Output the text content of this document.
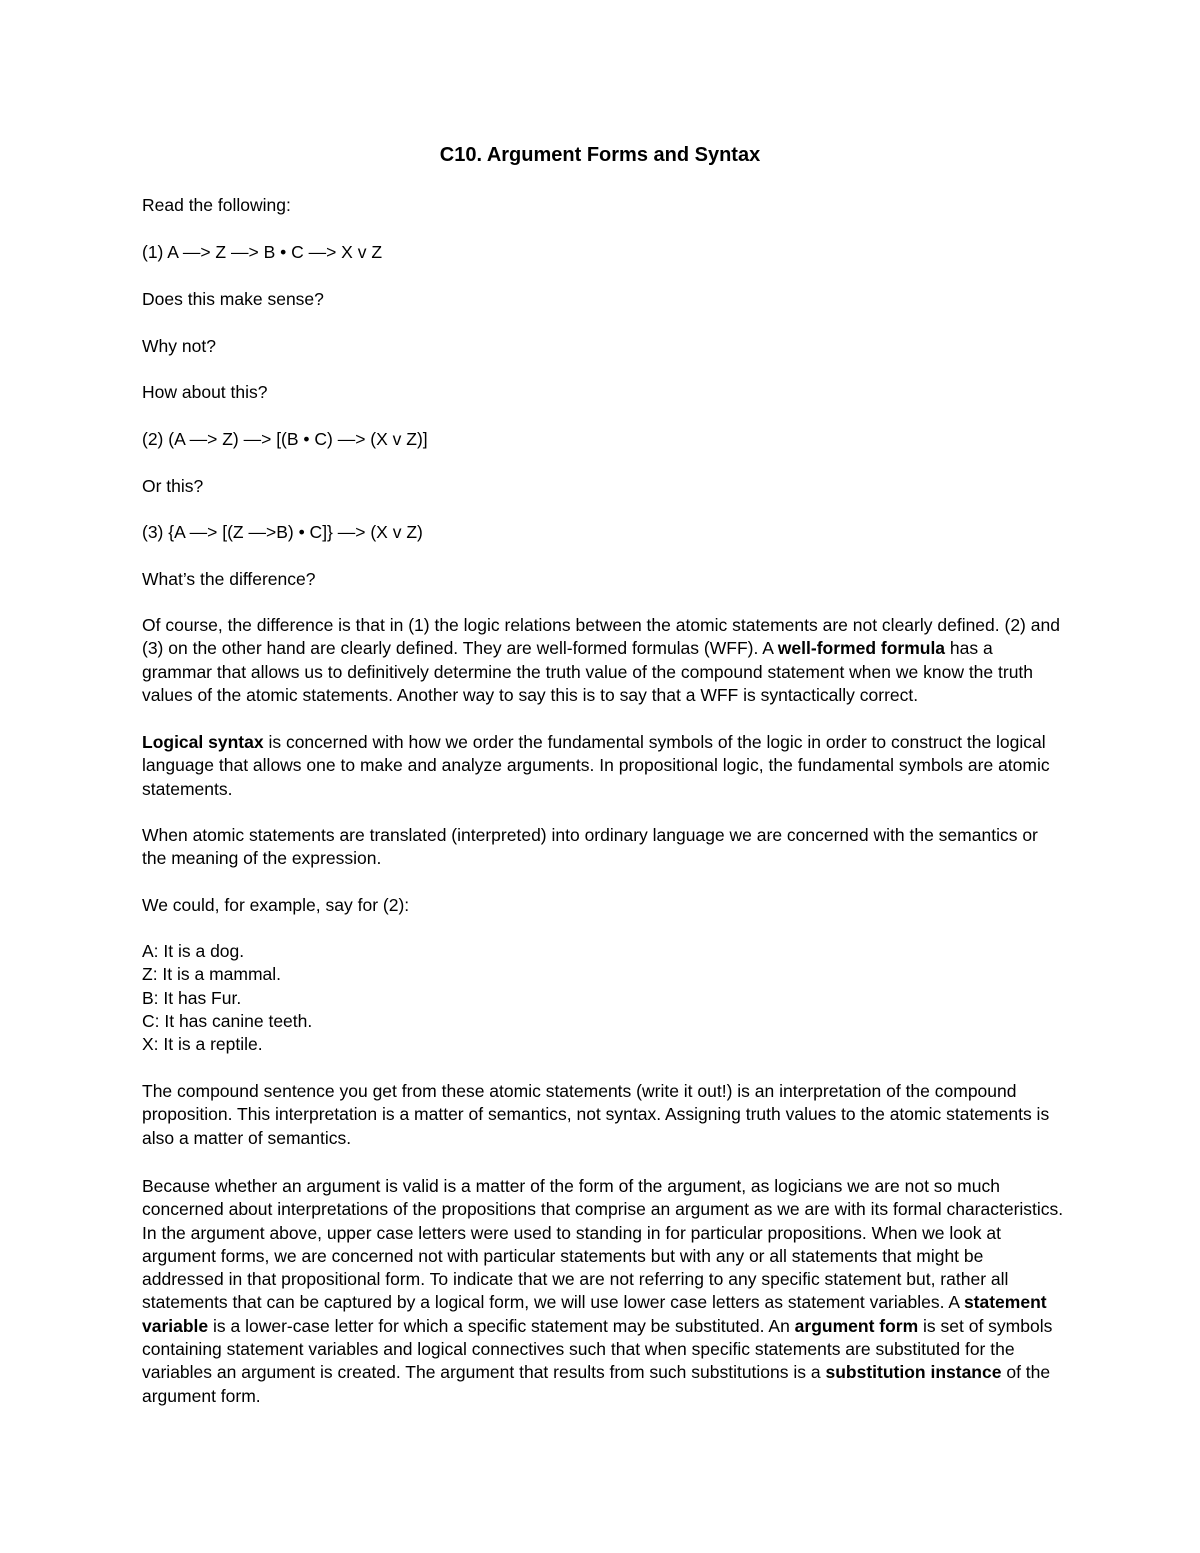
C10. Argument Forms and Syntax

Read the following:

(1) A —> Z —> B • C —> X v Z

Does this make sense?

Why not?

How about this?

(2) (A —> Z) —> [(B • C) —> (X v Z)]

Or this?

(3) {A —> [(Z —>B) • C]} —> (X v Z)

What’s the difference?

Of course, the difference is that in (1) the logic relations between the atomic statements are not clearly defined. (2) and (3) on the other hand are clearly defined. They are well-formed formulas (WFF). A well-formed formula has a grammar that allows us to definitively determine the truth value of the compound statement when we know the truth values of the atomic statements. Another way to say this is to say that a WFF is syntactically correct.

Logical syntax is concerned with how we order the fundamental symbols of the logic in order to construct the logical language that allows one to make and analyze arguments. In propositional logic, the fundamental symbols are atomic statements.

When atomic statements are translated (interpreted) into ordinary language we are concerned with the semantics or the meaning of the expression.

We could, for example, say for (2):

A: It is a dog.
Z: It is a mammal.
B: It has Fur.
C: It has canine teeth.
X: It is a reptile.

The compound sentence you get from these atomic statements (write it out!) is an interpretation of the compound proposition. This interpretation is a matter of semantics, not syntax. Assigning truth values to the atomic statements is also a matter of semantics.

Because whether an argument is valid is a matter of the form of the argument, as logicians we are not so much concerned about interpretations of the propositions that comprise an argument as we are with its formal characteristics. In the argument above, upper case letters were used to standing in for particular propositions. When we look at argument forms, we are concerned not with particular statements but with any or all statements that might be addressed in that propositional form. To indicate that we are not referring to any specific statement but, rather all statements that can be captured by a logical form, we will use lower case letters as statement variables. A statement variable is a lower-case letter for which a specific statement may be substituted. An argument form is set of symbols containing statement variables and logical connectives such that when specific statements are substituted for the variables an argument is created. The argument that results from such substitutions is a substitution instance of the argument form.
